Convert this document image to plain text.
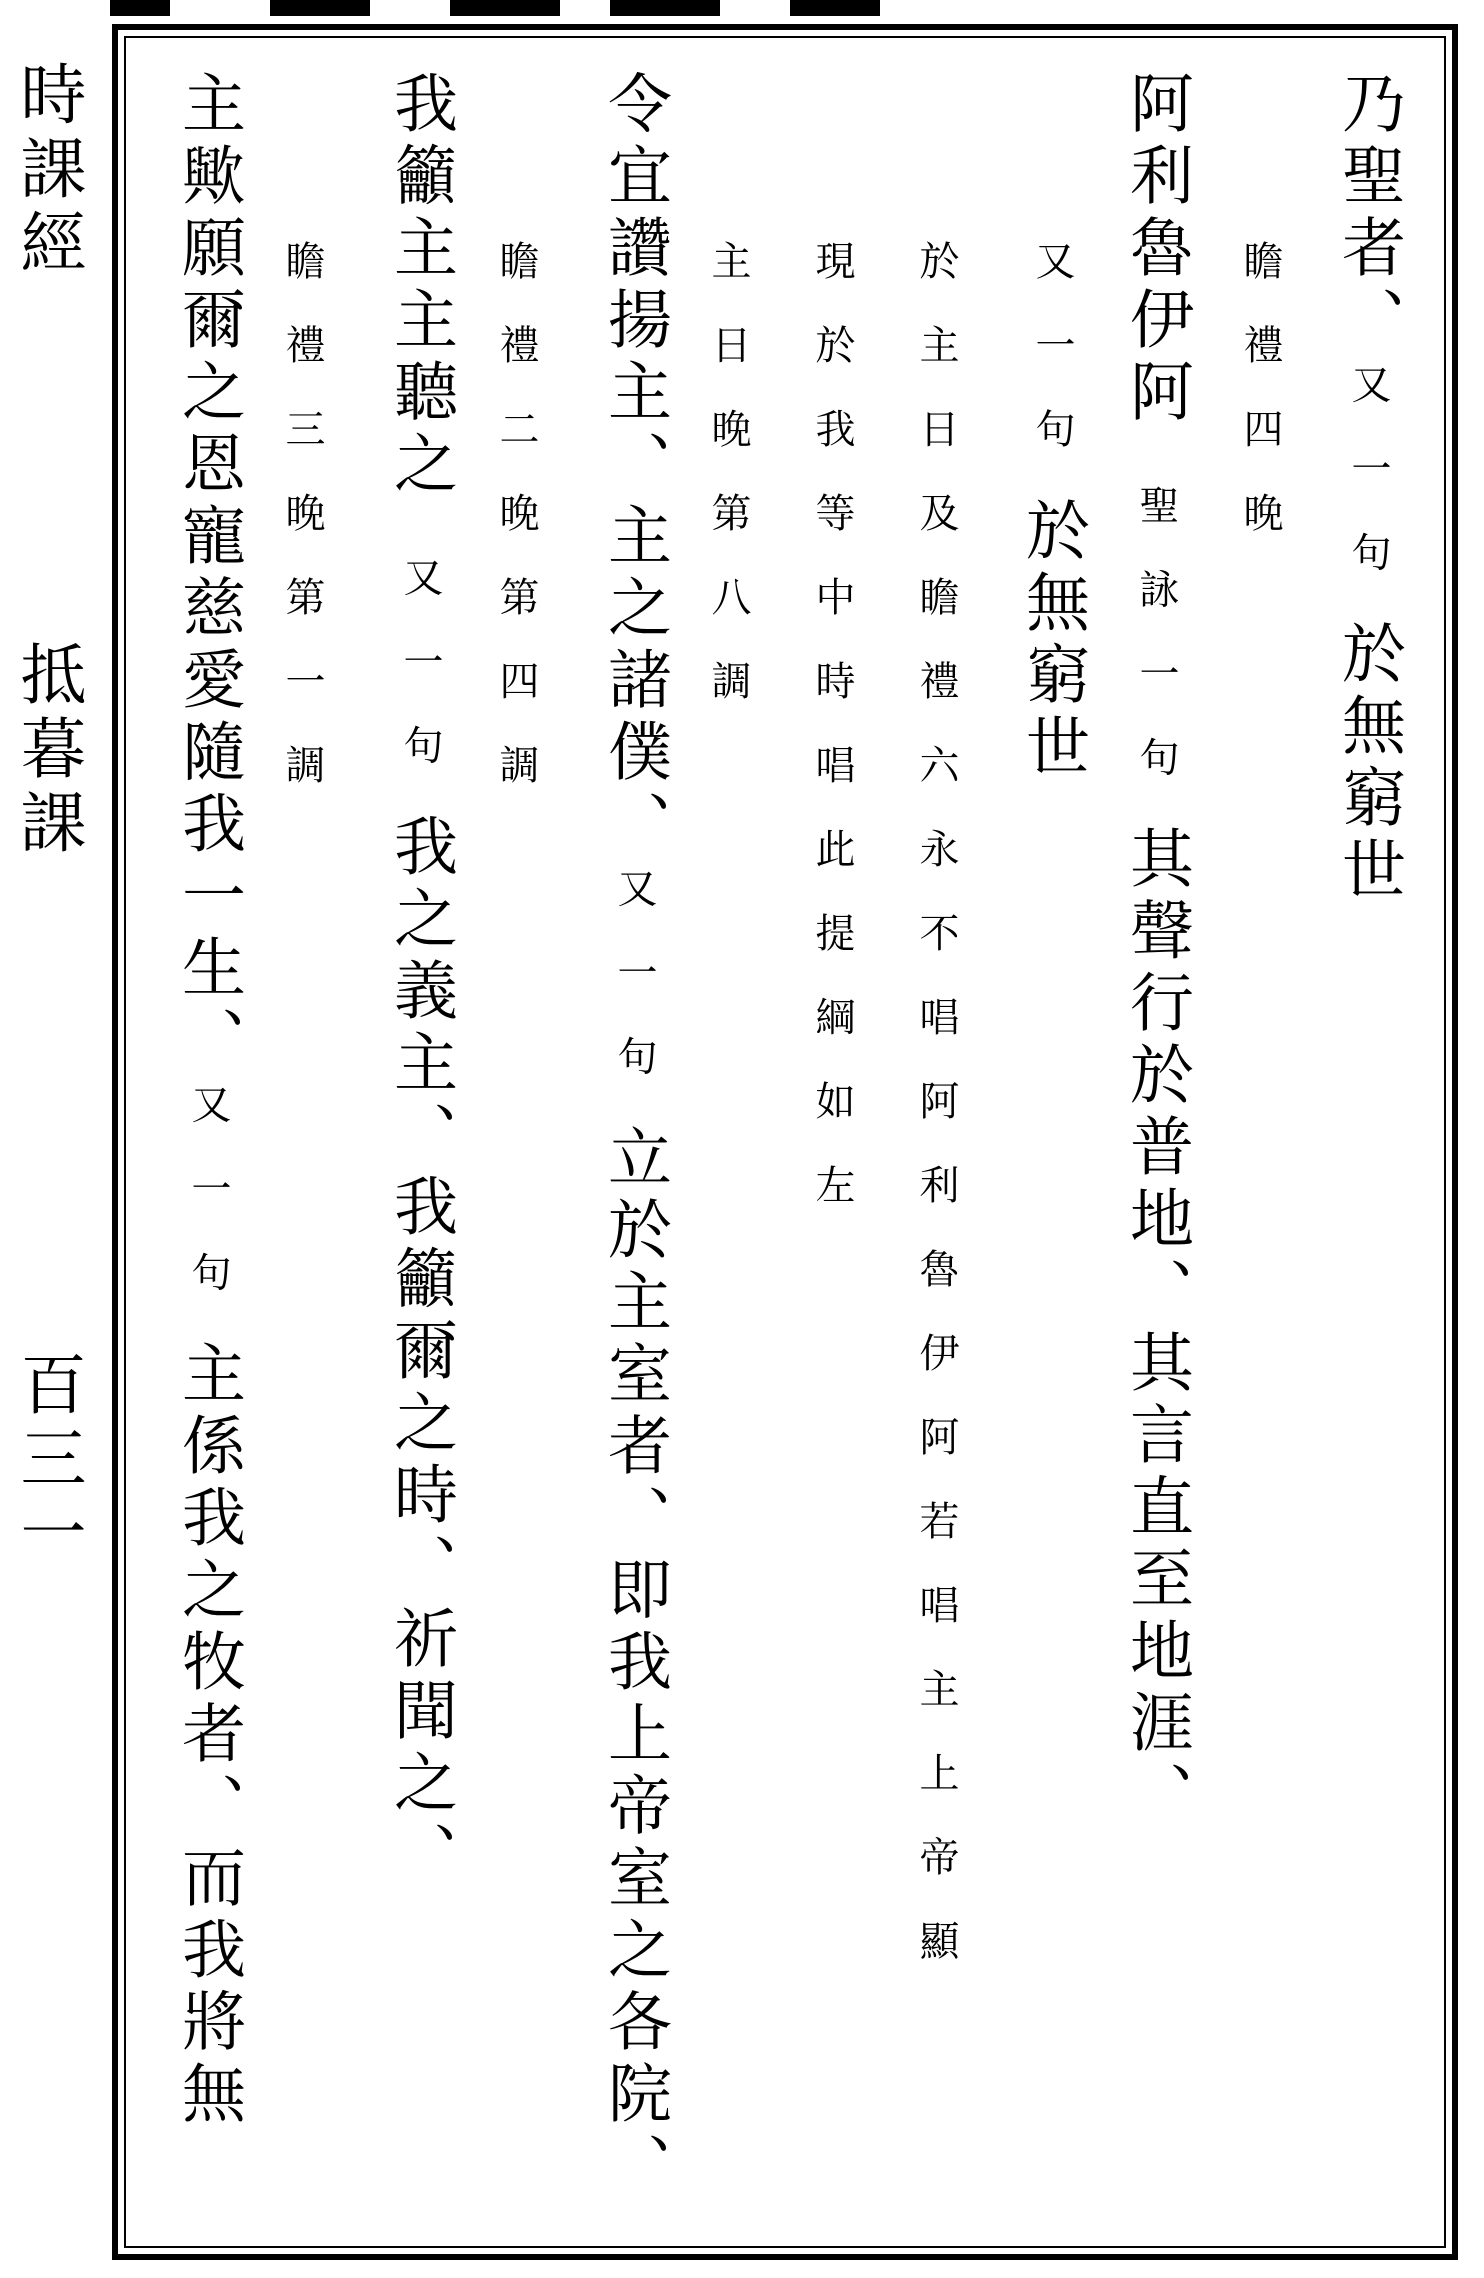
時課經
抵暮課
百三一
乃聖者、 又一句 於無窮世
瞻禮四晚
阿利魯伊阿  聖詠一句 其聲行於普地、其言直至地涯、
又一句 於無窮世
於主日及瞻禮六永不唱阿利魯伊阿若唱主上帝顯
現於我等中時唱此提綱如左
主日晚第八調
令宜讚揚主、主之諸僕、 又一句 立於主室者、即我上帝室之各院、
瞻禮二晚第四調
我籲主主聽之  又一句 我之義主、我籲爾之時、祈聞之、
瞻禮三晚第一調
主歟願爾之恩寵慈愛隨我一生、 又一句 主係我之牧者、而我將無
